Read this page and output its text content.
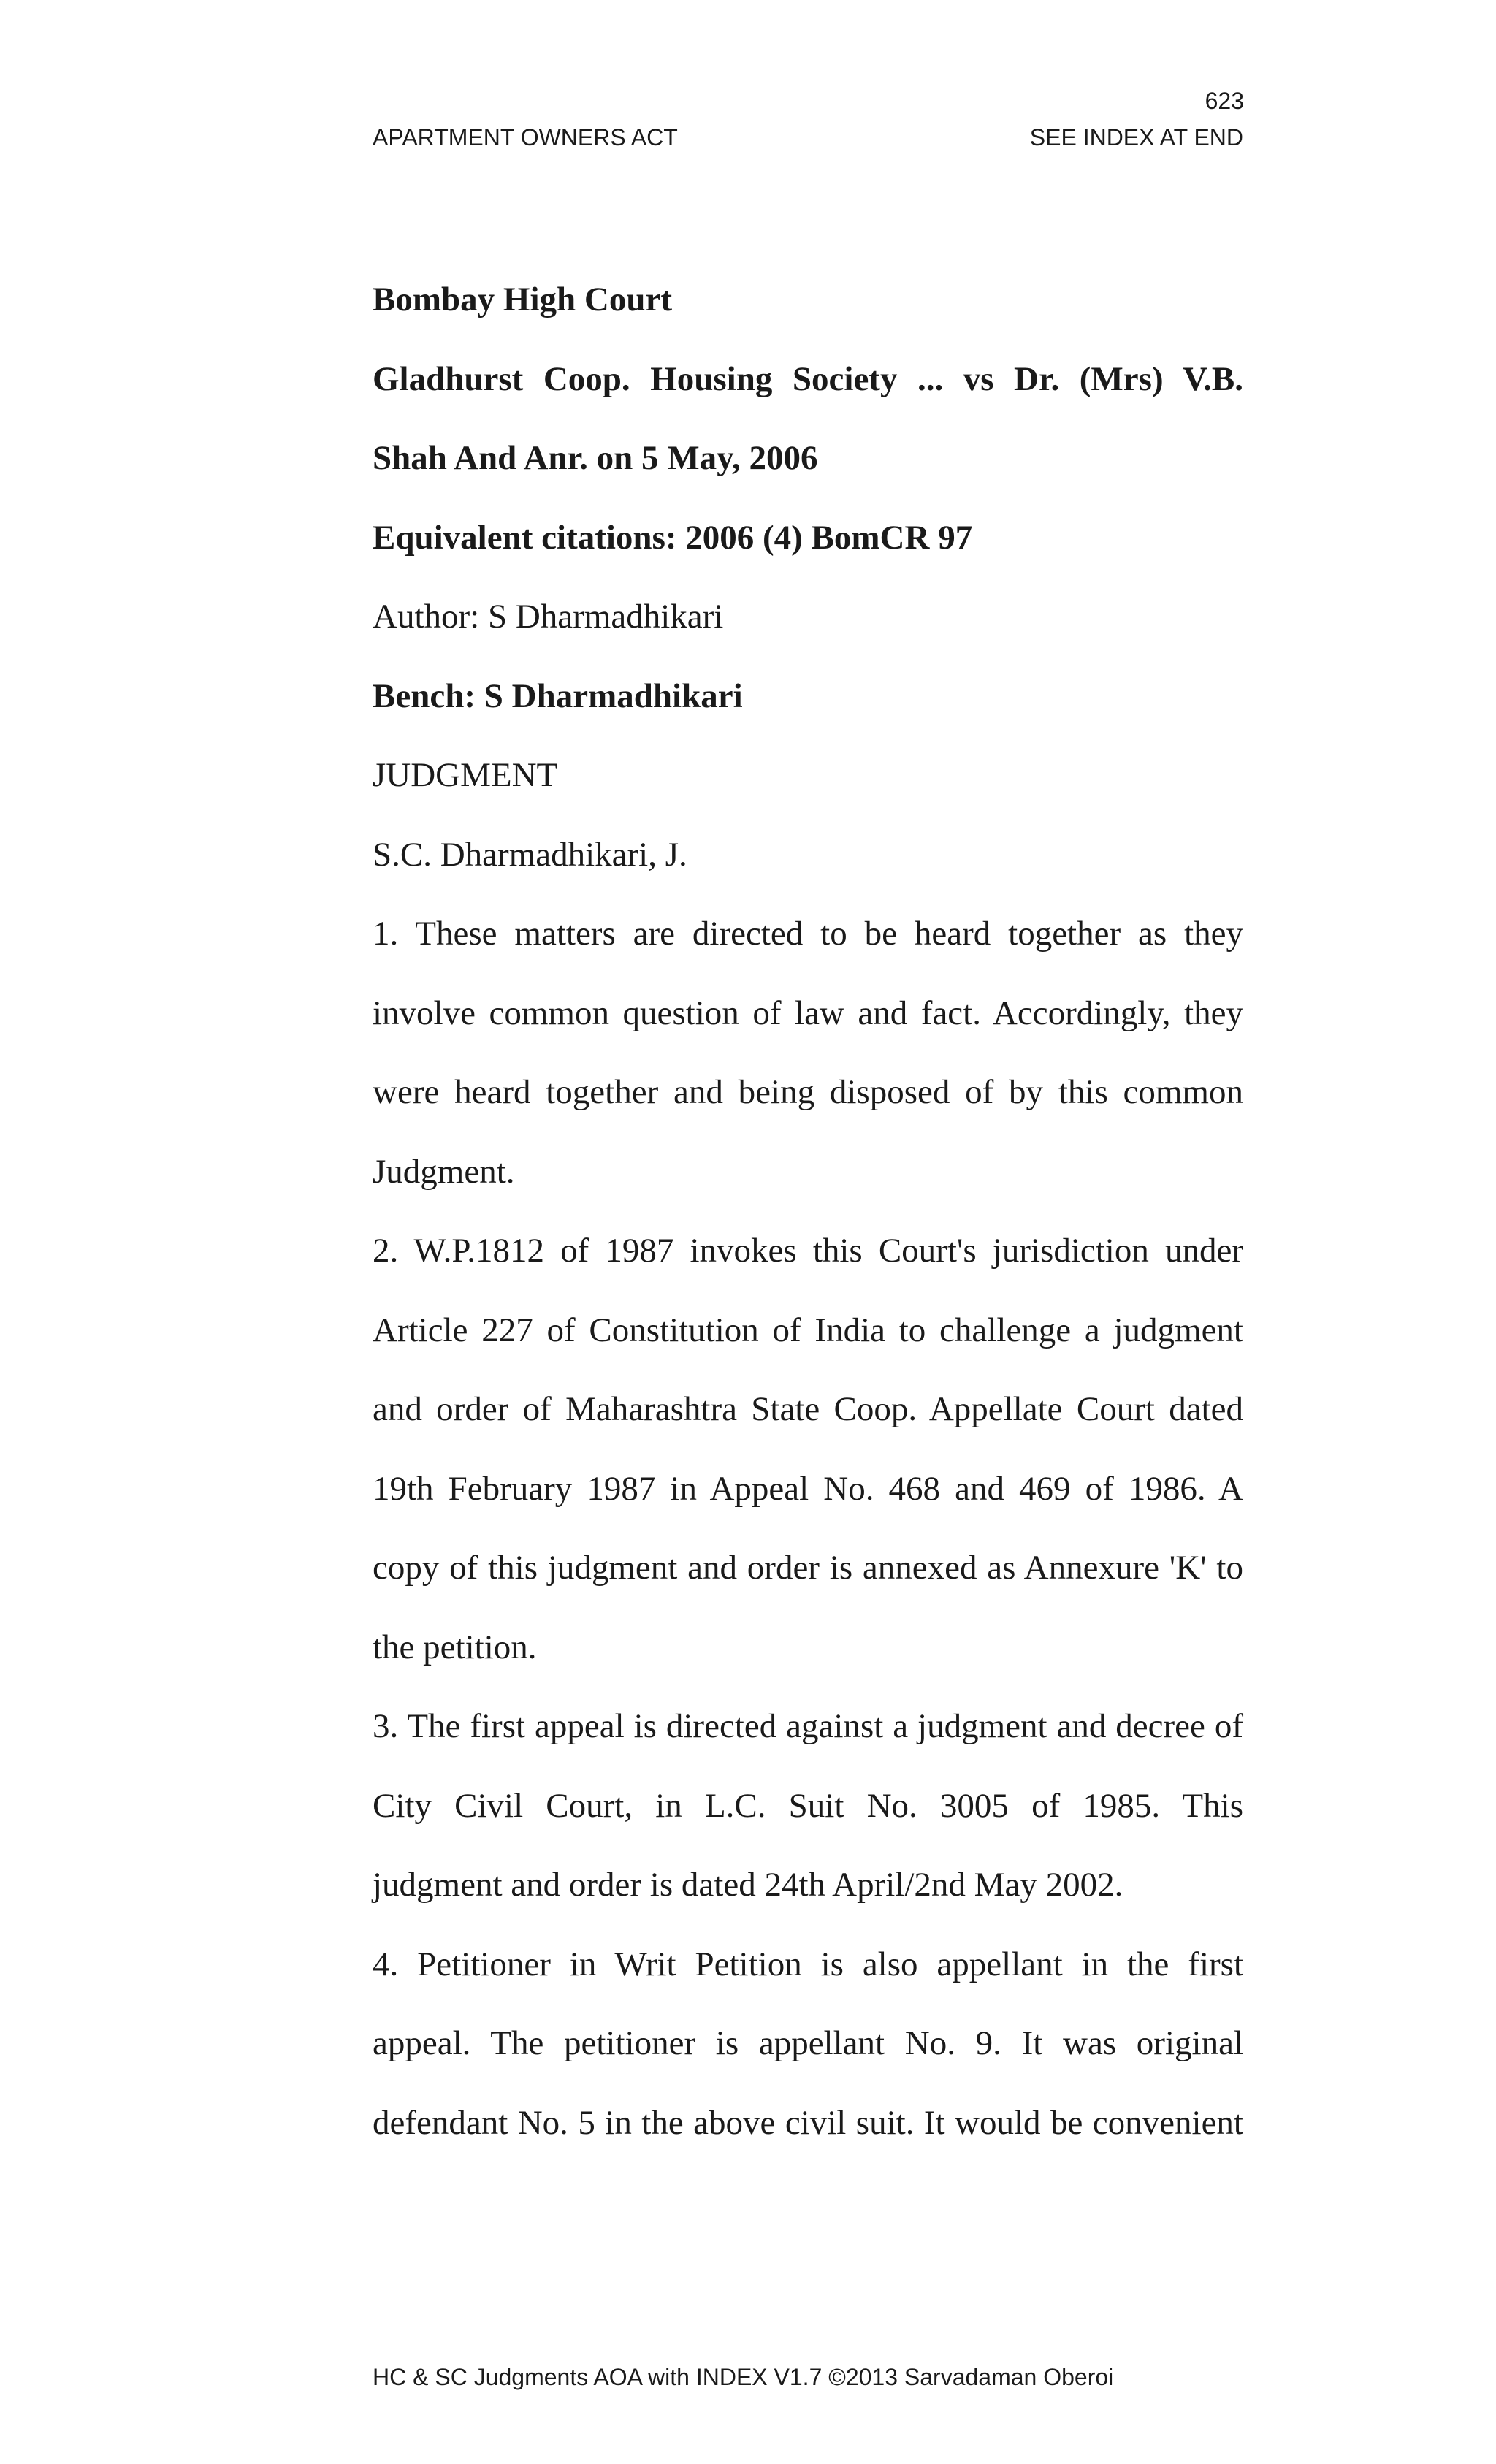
623
APARTMENT OWNERS ACT	SEE INDEX AT END
Bombay High Court
Gladhurst Coop. Housing Society ... vs Dr. (Mrs) V.B.
Shah And Anr. on 5 May, 2006
Equivalent citations: 2006 (4) BomCR 97
Author: S Dharmadhikari
Bench: S Dharmadhikari
JUDGMENT
S.C. Dharmadhikari, J.
1. These matters are directed to be heard together as they
involve common question of law and fact. Accordingly, they
were heard together and being disposed of by this common
Judgment.
2. W.P.1812 of 1987 invokes this Court's jurisdiction under
Article 227 of Constitution of India to challenge a judgment
and order of Maharashtra State Coop. Appellate Court dated
19th February 1987 in Appeal No. 468 and 469 of 1986. A
copy of this judgment and order is annexed as Annexure 'K' to
the petition.
3. The first appeal is directed against a judgment and decree of
City Civil Court, in L.C. Suit No. 3005 of 1985. This
judgment and order is dated 24th April/2nd May 2002.
4. Petitioner in Writ Petition is also appellant in the first
appeal. The petitioner is appellant No. 9. It was original
defendant No. 5 in the above civil suit. It would be convenient
HC & SC Judgments AOA with INDEX V1.7 ©2013 Sarvadaman Oberoi
